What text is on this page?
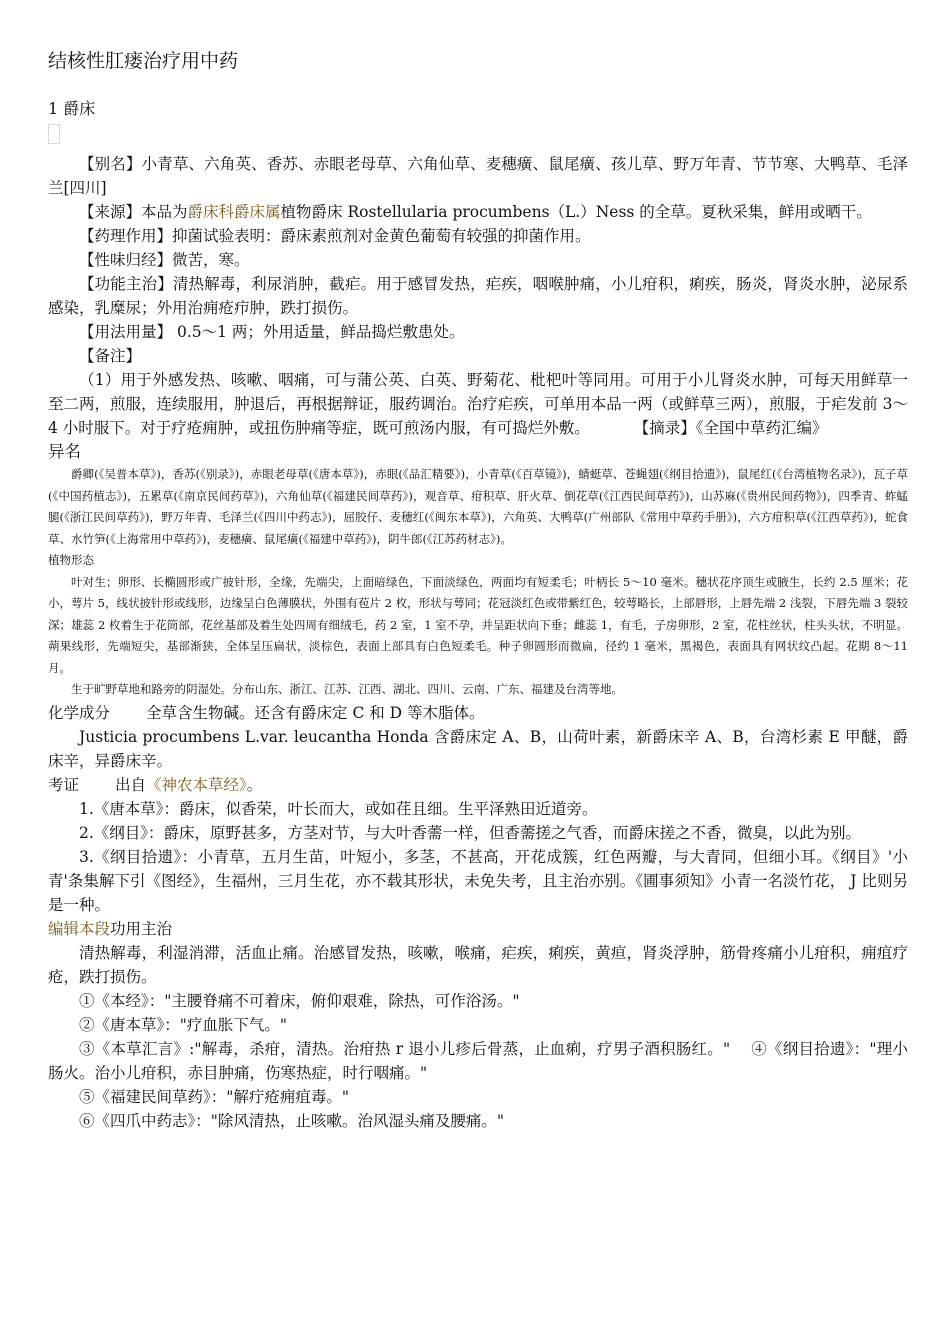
结核性肛瘘治疗用中药

1 爵床

【别名】小青草、六角英、香苏、赤眼老母草、六角仙草、麦穗癀、鼠尾癀、孩儿草、野万年青、节节寒、大鸭草、毛泽兰[四川]

【来源】本品为爵床科爵床属植物爵床 Rostellularia procumbens（L.）Ness 的全草。夏秋采集，鲜用或晒干。

【药理作用】抑菌试验表明：爵床素煎剂对金黄色葡萄有较强的抑菌作用。

【性味归经】微苦，寒。

【功能主治】清热解毒，利尿消肿，截疟。用于感冒发热，疟疾，咽喉肿痛，小儿疳积，痢疾，肠炎，肾炎水肿，泌尿系感染，乳糜尿；外用治痈疮疖肿，跌打损伤。

【用法用量】 0.5～1 两；外用适量，鲜品捣烂敷患处。

【备注】

（1）用于外感发热、咳嗽、咽痛，可与蒲公英、白英、野菊花、枇杷叶等同用。可用于小儿肾炎水肿，可每天用鲜草一至二两，煎服，连续服用，肿退后，再根据辩证，服药调治。治疗疟疾，可单用本品一两（或鲜草三两），煎服，于疟发前 3～4 小时服下。对于疗疮痈肿，或扭伤肿痛等症，既可煎汤内服，有可捣烂外敷。	【摘录】《全国中草药汇编》

异名

爵卿(《吴普本草》)，香苏(《别录》)，赤眼老母草(《唐本草》)，赤眼(《品汇精要》)，小青草(《百草镜》)，蜻蜓草、苍蝇翅(《纲目拾遗》)，鼠尾红(《台湾植物名录》)，瓦子草(《中国药植志》)，五累草(《南京民间药草》)，六角仙草(《福建民间草药》)，观音草、疳积草、肝火草、倒花草(《江西民间草药》)，山苏麻(《贵州民间药物》)，四季青、蚱蜢腿(《浙江民间草药》)，野万年青、毛泽兰(《四川中药志》)，屈胶仔、麦穗红(《闽东本草》)，六角英、大鸭草(广州部队《常用中草药手册》)，六方疳积草(《江西草药》)，蛇食草、水竹笋(《上海常用中草药》)，麦穗癀、鼠尾癀(《福建中草药》)，阴牛郎(《江苏药材志》)。

植物形态

叶对生；卵形、长椭圆形或广披针形，全缘，先端尖，上面暗绿色，下面淡绿色，两面均有短柔毛；叶柄长 5～10 毫米。穗状花序顶生或腋生，长约 2.5 厘米；花小，萼片 5，线状披针形或线形，边缘呈白色薄膜状，外围有苞片 2 枚，形状与萼同；花冠淡红色或带紫红色，较萼略长，上部唇形，上唇先端 2 浅裂，下唇先端 3 裂较深；雄蕊 2 枚着生于花筒部，花丝基部及着生处四周有细绒毛，药 2 室，1 室不孕，并呈距状向下垂；雌蕊 1，有毛，子房卵形，2 室，花柱丝状，柱头头状，不明显。蒴果线形，先端短尖，基部渐狭，全体呈压扁状，淡棕色，表面上部具有白色短柔毛。种子卵圆形而微扁，径约 1 毫米，黑褐色，表面具有网状纹凸起。花期 8～11 月。

生于旷野草地和路旁的阴湿处。分布山东、浙江、江苏、江西、湖北、四川、云南、广东、福建及台湾等地。

化学成分 全草含生物碱。还含有爵床定 C 和 D 等木脂体。

Justicia procumbens L.var. leucantha Honda 含爵床定 A、B，山荷叶素，新爵床辛 A、B，台湾杉素 E 甲醚，爵床辛，异爵床辛。

考证 出自《神农本草经》。

1.《唐本草》：爵床，似香荣，叶长而大，或如荏且细。生平泽熟田近道旁。

2.《纲目》：爵床，原野甚多，方茎对节，与大叶香薷一样，但香薷搓之气香，而爵床搓之不香，微臭，以此为别。

3.《纲目拾遗》：小青草，五月生苗，叶短小，多茎，不甚高，开花成簇，红色两瓣，与大青同，但细小耳。《纲目》'小青'条集解下引《图经》，生福州，三月生花，亦不载其形状，未免失考，且主治亦别。《圃事须知》小青一名淡竹花， J 比则另是一种。

编辑本段功用主治

清热解毒，利湿消滞，活血止痛。治感冒发热，咳嗽，喉痛，疟疾，痢疾，黄疸，肾炎浮肿，筋骨疼痛小儿疳积，痈疽疗疮，跌打损伤。

①《本经》："主腰脊痛不可着床，俯仰艰难，除热，可作浴汤。"

②《唐本草》："疗血胀下气。"

③《本草汇言》:"解毒，杀疳，清热。治疳热 r 退小儿疹后骨蒸，止血痢，疗男子酒积肠红。"　 ④《纲目拾遗》："理小肠火。治小儿疳积，赤目肿痛，伤寒热症，时行咽痛。"

⑤《福建民间草药》："解疔疮痈疽毒。"

⑥《四爪中药志》："除风清热，止咳嗽。治风湿头痛及腰痛。"
